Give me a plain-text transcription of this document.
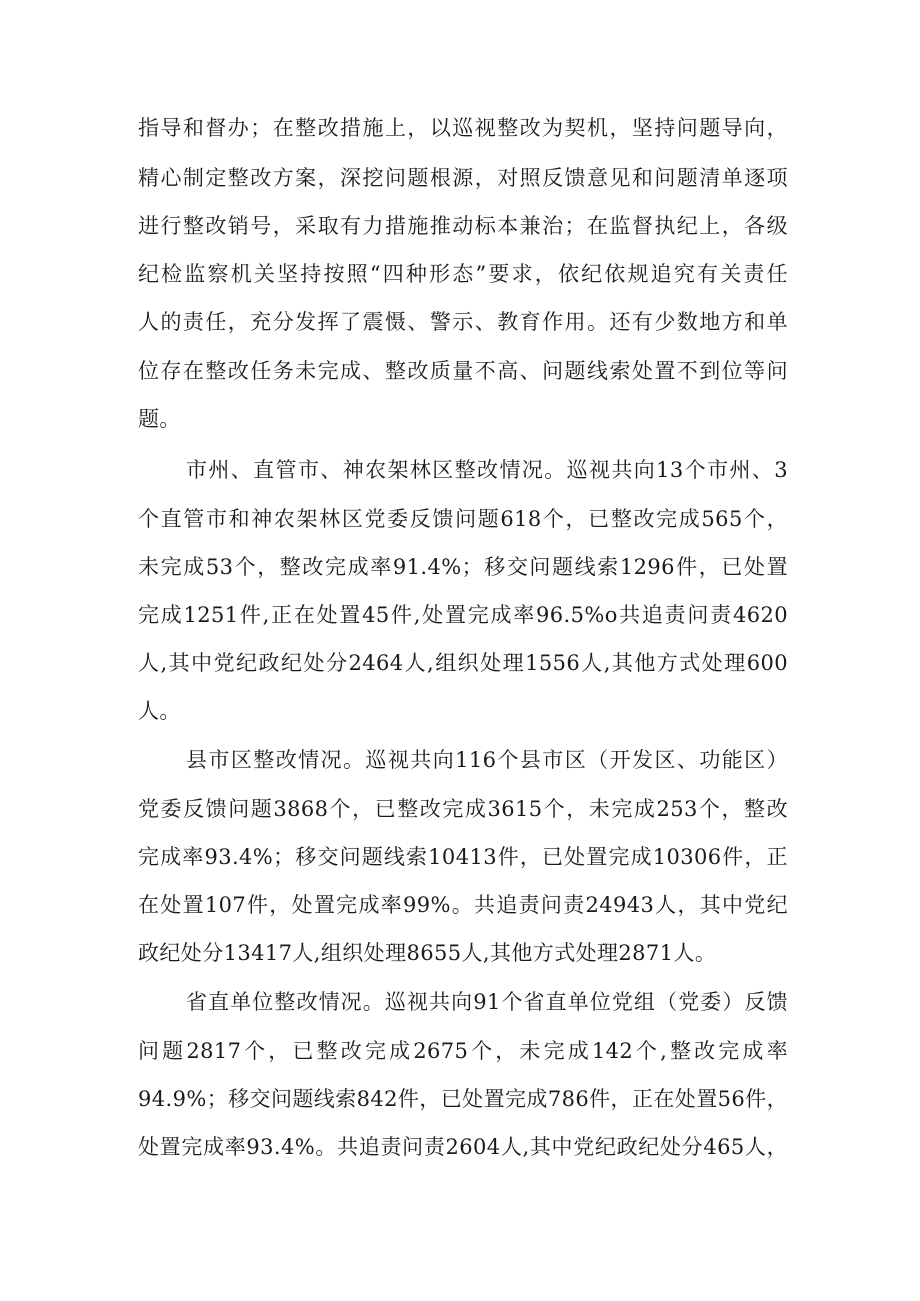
指导和督办；在整改措施上，以巡视整改为契机，坚持问题导向，
精心制定整改方案，深挖问题根源，对照反馈意见和问题清单逐项
进行整改销号，采取有力措施推动标本兼治；在监督执纪上，各级
纪检监察机关坚持按照“四种形态”要求，依纪依规追究有关责任
人的责任，充分发挥了震慑、警示、教育作用。还有少数地方和单
位存在整改任务未完成、整改质量不高、问题线索处置不到位等问
题。
市州、直管市、神农架林区整改情况。巡视共向13个市州、3
个直管市和神农架林区党委反馈问题618个，已整改完成565个，
未完成53个，整改完成率91.4%；移交问题线索1296件，已处置
完成1251件,正在处置45件,处置完成率96.5%o共追责问责4620
人,其中党纪政纪处分2464人,组织处理1556人,其他方式处理600
人。
县市区整改情况。巡视共向116个县市区（开发区、功能区）
党委反馈问题3868个，已整改完成3615个，未完成253个，整改
完成率93.4%；移交问题线索10413件，已处置完成10306件，正
在处置107件，处置完成率99%。共追责问责24943人，其中党纪
政纪处分13417人,组织处理8655人,其他方式处理2871人。
省直单位整改情况。巡视共向91个省直单位党组（党委）反馈
问题2817个，已整改完成2675个，未完成142个,整改完成率
94.9%；移交问题线索842件，已处置完成786件，正在处置56件，
处置完成率93.4%。共追责问责2604人,其中党纪政纪处分465人，
